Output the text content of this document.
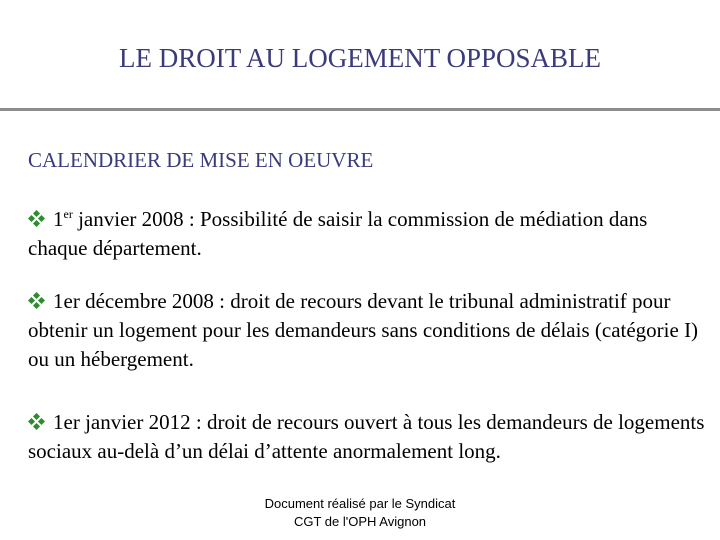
LE DROIT AU LOGEMENT OPPOSABLE
CALENDRIER DE MISE EN OEUVRE
1er janvier 2008 : Possibilité de saisir la commission de médiation dans chaque département.
1er décembre 2008 : droit de recours devant le tribunal administratif pour obtenir un logement pour les demandeurs sans conditions de délais (catégorie I) ou un hébergement.
1er janvier 2012 : droit de recours ouvert à tous les demandeurs de logements sociaux au-delà d’un délai d’attente anormalement long.
Document réalisé par le Syndicat
CGT de l'OPH Avignon
